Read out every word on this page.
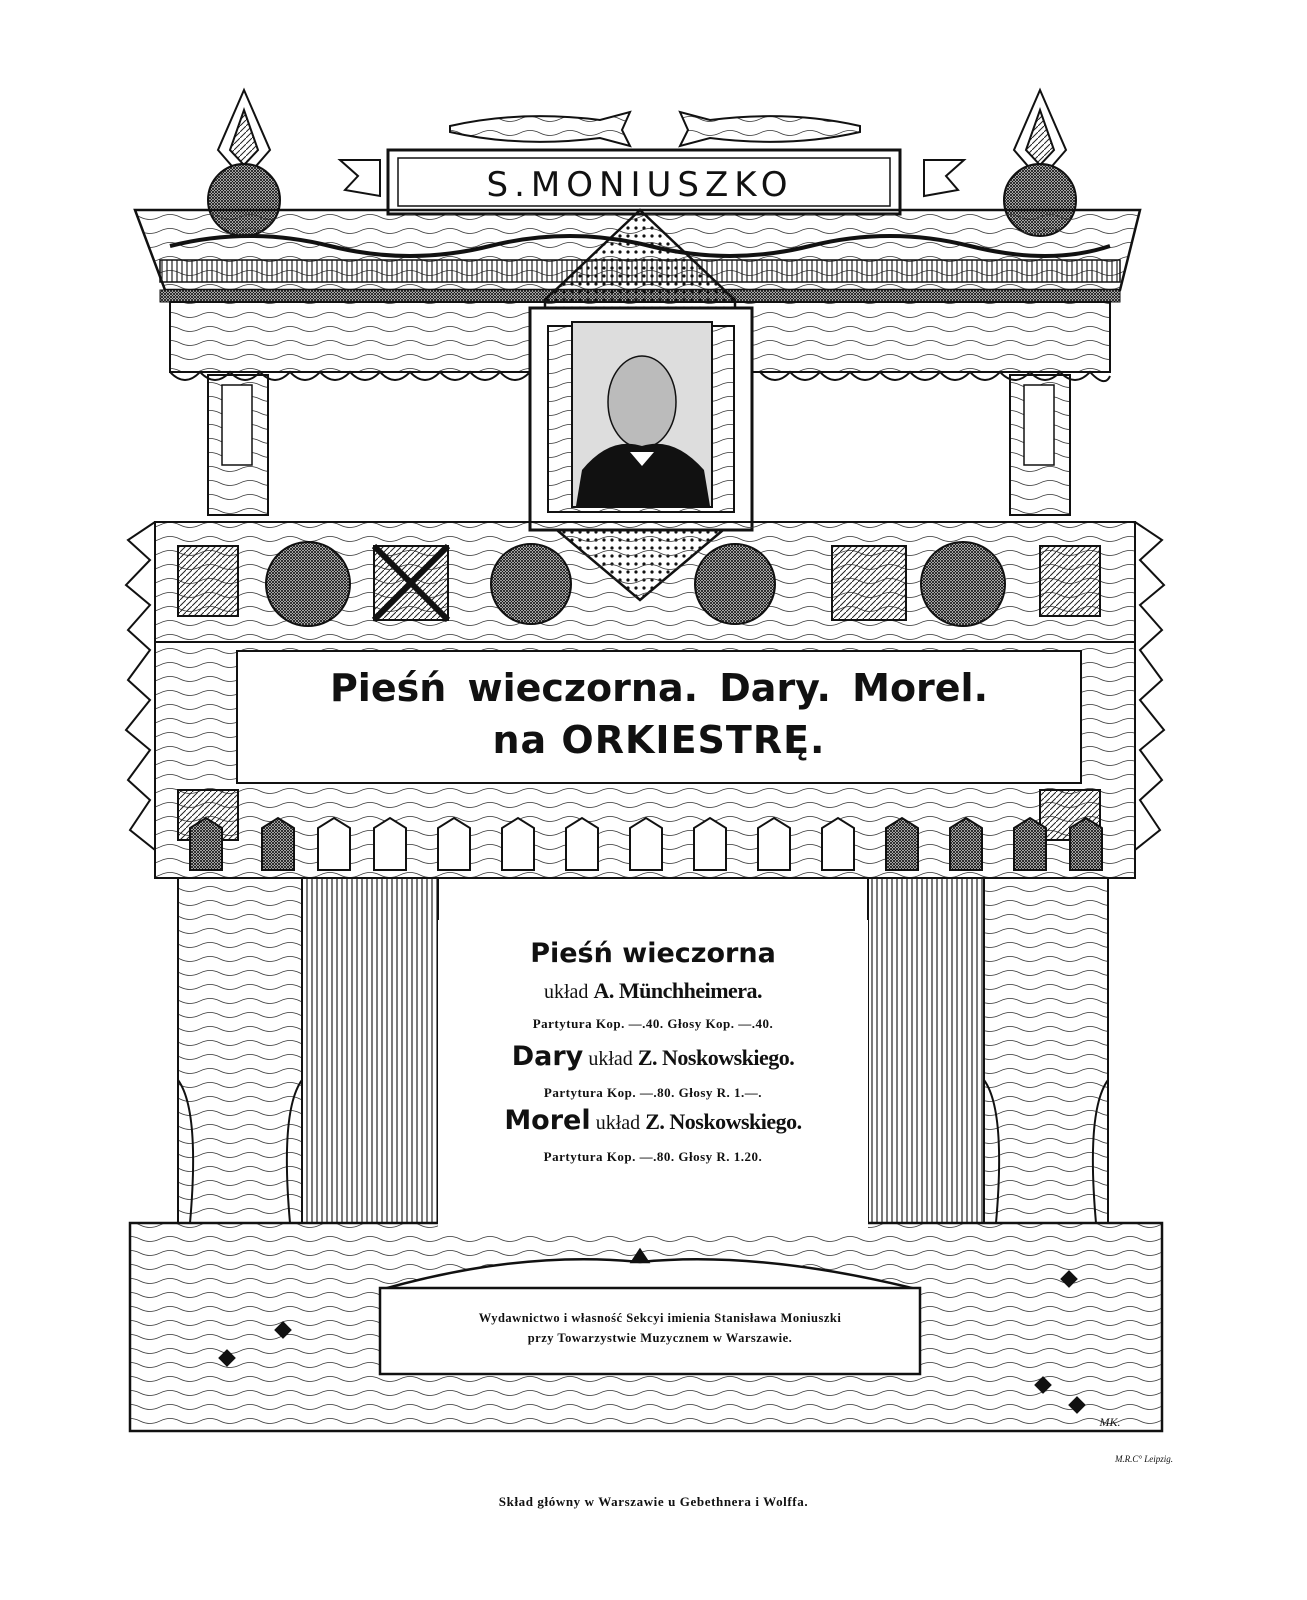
S.MONIUSZKO
Pieśń wieczorna. Dary. Morel.
na ORKIESTRĘ.
Pieśń wieczorna
układ A. Münchheimera.
Partytura Kop. —.40. Głosy Kop. —.40.
Dary układ Z. Noskowskiego.
Partytura Kop. —.80. Głosy R. 1.—.
Morel układ Z. Noskowskiego.
Partytura Kop. —.80. Głosy R. 1.20.
Wydawnictwo i własność Sekcyi imienia Stanisława Moniuszki
przy Towarzystwie Muzycznem w Warszawie.
MK.
M.R.C° Leipzig.
Skład główny w Warszawie u Gebethnera i Wolffa.
